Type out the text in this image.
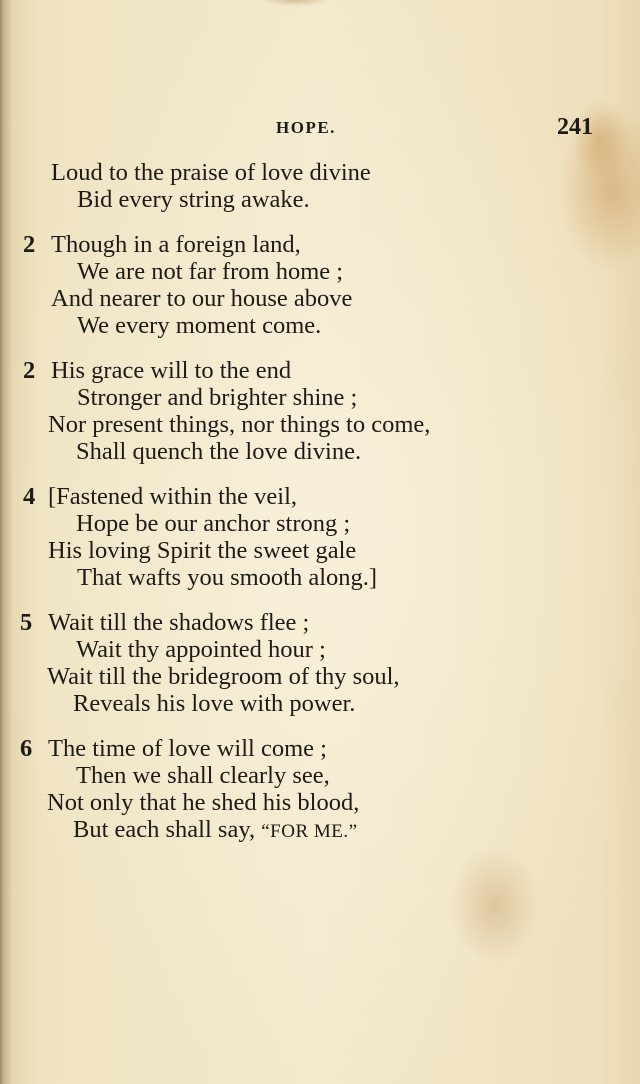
HOPE.	241
Loud to the praise of love divine
Bid every string awake.
2 Though in a foreign land,
We are not far from home ;
And nearer to our house above
We every moment come.
2 His grace will to the end
Stronger and brighter shine ;
Nor present things, nor things to come,
Shall quench the love divine.
4 [Fastened within the veil,
Hope be our anchor strong ;
His loving Spirit the sweet gale
That wafts you smooth along.]
5 Wait till the shadows flee ;
Wait thy appointed hour ;
Wait till the bridegroom of thy soul,
Reveals his love with power.
6 The time of love will come ;
Then we shall clearly see,
Not only that he shed his blood,
But each shall say, “FOR ME.”
